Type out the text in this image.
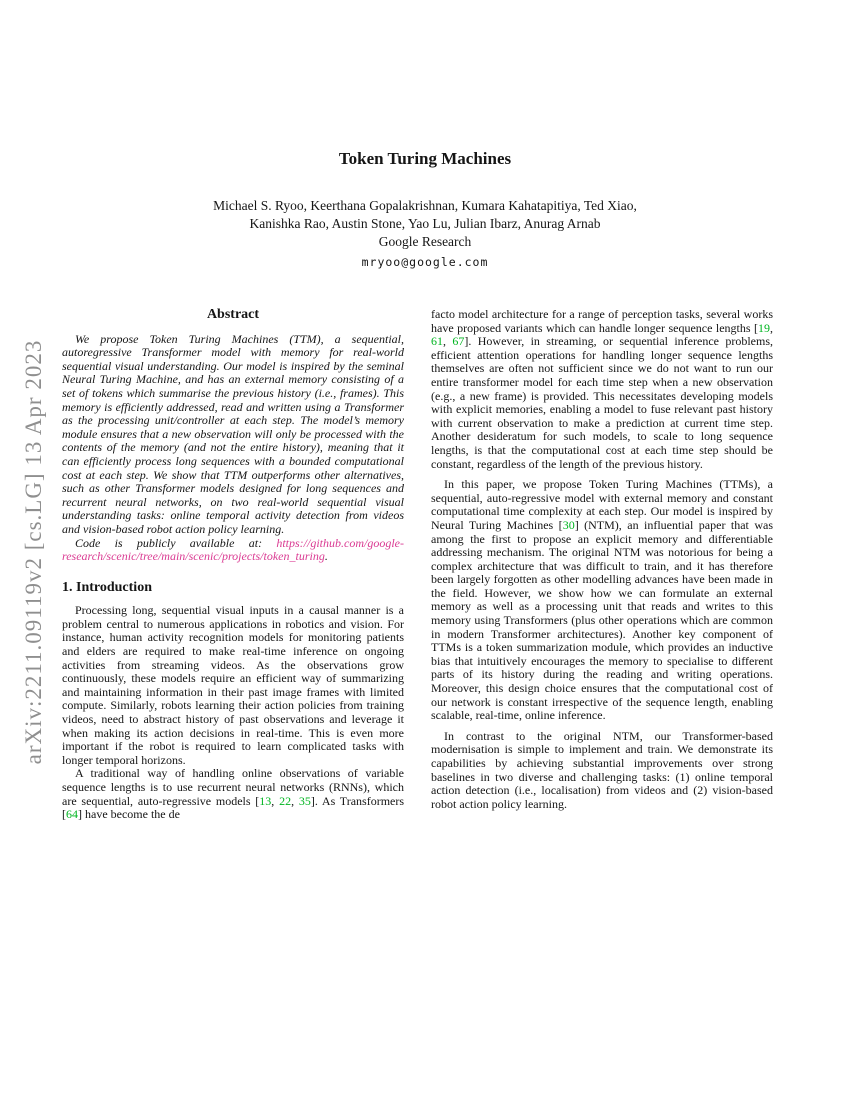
arXiv:2211.09119v2 [cs.LG] 13 Apr 2023
Token Turing Machines
Michael S. Ryoo, Keerthana Gopalakrishnan, Kumara Kahatapitiya, Ted Xiao,
Kanishka Rao, Austin Stone, Yao Lu, Julian Ibarz, Anurag Arnab
Google Research
mryoo@google.com
Abstract

We propose Token Turing Machines (TTM), a sequential, autoregressive Transformer model with memory for real-world sequential visual understanding. Our model is inspired by the seminal Neural Turing Machine, and has an external memory consisting of a set of tokens which summarise the previous history (i.e., frames). This memory is efficiently addressed, read and written using a Transformer as the processing unit/controller at each step. The model’s memory module ensures that a new observation will only be processed with the contents of the memory (and not the entire history), meaning that it can efficiently process long sequences with a bounded computational cost at each step. We show that TTM outperforms other alternatives, such as other Transformer models designed for long sequences and recurrent neural networks, on two real-world sequential visual understanding tasks: online temporal activity detection from videos and vision-based robot action policy learning.

Code is publicly available at: https://github.com/google-research/scenic/tree/main/scenic/projects/token_turing.

1. Introduction

Processing long, sequential visual inputs in a causal manner is a problem central to numerous applications in robotics and vision. For instance, human activity recognition models for monitoring patients and elders are required to make real-time inference on ongoing activities from streaming videos. As the observations grow continuously, these models require an efficient way of summarizing and maintaining information in their past image frames with limited compute. Similarly, robots learning their action policies from training videos, need to abstract history of past observations and leverage it when making its action decisions in real-time. This is even more important if the robot is required to learn complicated tasks with longer temporal horizons.

A traditional way of handling online observations of variable sequence lengths is to use recurrent neural networks (RNNs), which are sequential, auto-regressive models [13, 22, 35]. As Transformers [64] have become the de

facto model architecture for a range of perception tasks, several works have proposed variants which can handle longer sequence lengths [19, 61, 67]. However, in streaming, or sequential inference problems, efficient attention operations for handling longer sequence lengths themselves are often not sufficient since we do not want to run our entire transformer model for each time step when a new observation (e.g., a new frame) is provided. This necessitates developing models with explicit memories, enabling a model to fuse relevant past history with current observation to make a prediction at current time step. Another desideratum for such models, to scale to long sequence lengths, is that the computational cost at each time step should be constant, regardless of the length of the previous history.

In this paper, we propose Token Turing Machines (TTMs), a sequential, auto-regressive model with external memory and constant computational time complexity at each step. Our model is inspired by Neural Turing Machines [30] (NTM), an influential paper that was among the first to propose an explicit memory and differentiable addressing mechanism. The original NTM was notorious for being a complex architecture that was difficult to train, and it has therefore been largely forgotten as other modelling advances have been made in the field. However, we show how we can formulate an external memory as well as a processing unit that reads and writes to this memory using Transformers (plus other operations which are common in modern Transformer architectures). Another key component of TTMs is a token summarization module, which provides an inductive bias that intuitively encourages the memory to specialise to different parts of its history during the reading and writing operations. Moreover, this design choice ensures that the computational cost of our network is constant irrespective of the sequence length, enabling scalable, real-time, online inference.

In contrast to the original NTM, our Transformer-based modernisation is simple to implement and train. We demonstrate its capabilities by achieving substantial improvements over strong baselines in two diverse and challenging tasks: (1) online temporal action detection (i.e., localisation) from videos and (2) vision-based robot action policy learning.
